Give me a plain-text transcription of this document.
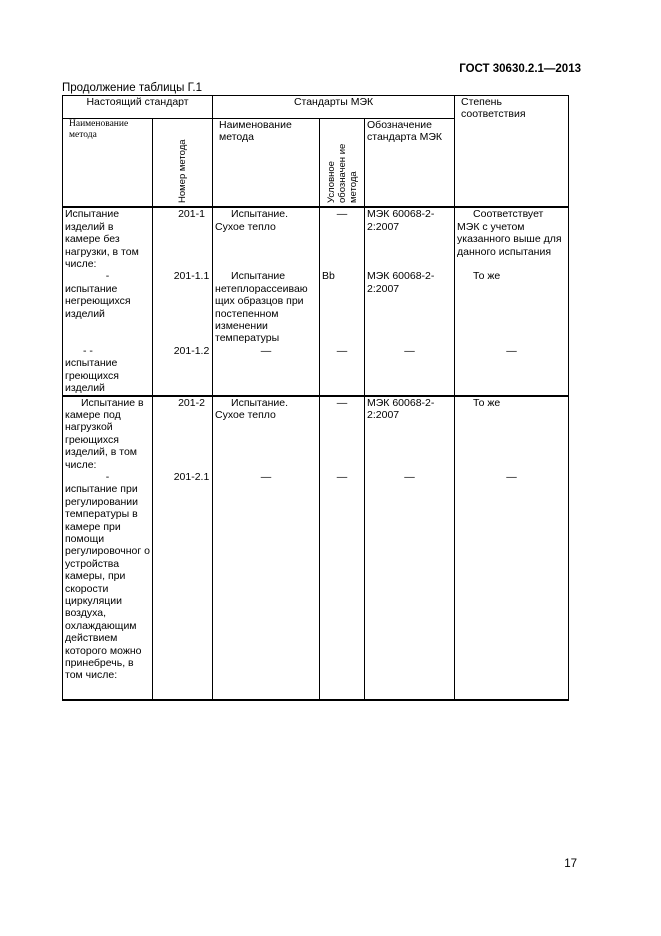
ГОСТ 30630.2.1—2013
Продолжение таблицы Г.1
Настоящий стандарт		Стандарты МЭК			Степень соответствия

Наименование метода	Номер метода	Наименование метода	Условное обозначен ие метода	Обозначение стандарта МЭК	
Испытание изделий в камере без нагрузки, в том числе:	201-1	Испытание. Сухое тепло	—	МЭК 60068-2-2:2007	Соответствует МЭК с учетом указанного выше для данного испытания

-
испытание негреющихся изделий	201-1.1	Испытание нетеплорассеиваю щих образцов при постепенном изменении температуры	Bb	МЭК 60068-2-2:2007	То же

- -
испытание греющихся изделий	201-1.2	—	—	—	—

Испытание в камере под нагрузкой греющихся изделий, в том числе:	201-2	Испытание. Сухое тепло	—	МЭК 60068-2-2:2007	То же

-
испытание при регулировании температуры в камере при помощи регулировочног о устройства камеры, при скорости циркуляции воздуха, охлаждающим действием которого можно принебречь, в том числе:	201-2.1	—	—	—	—
17
